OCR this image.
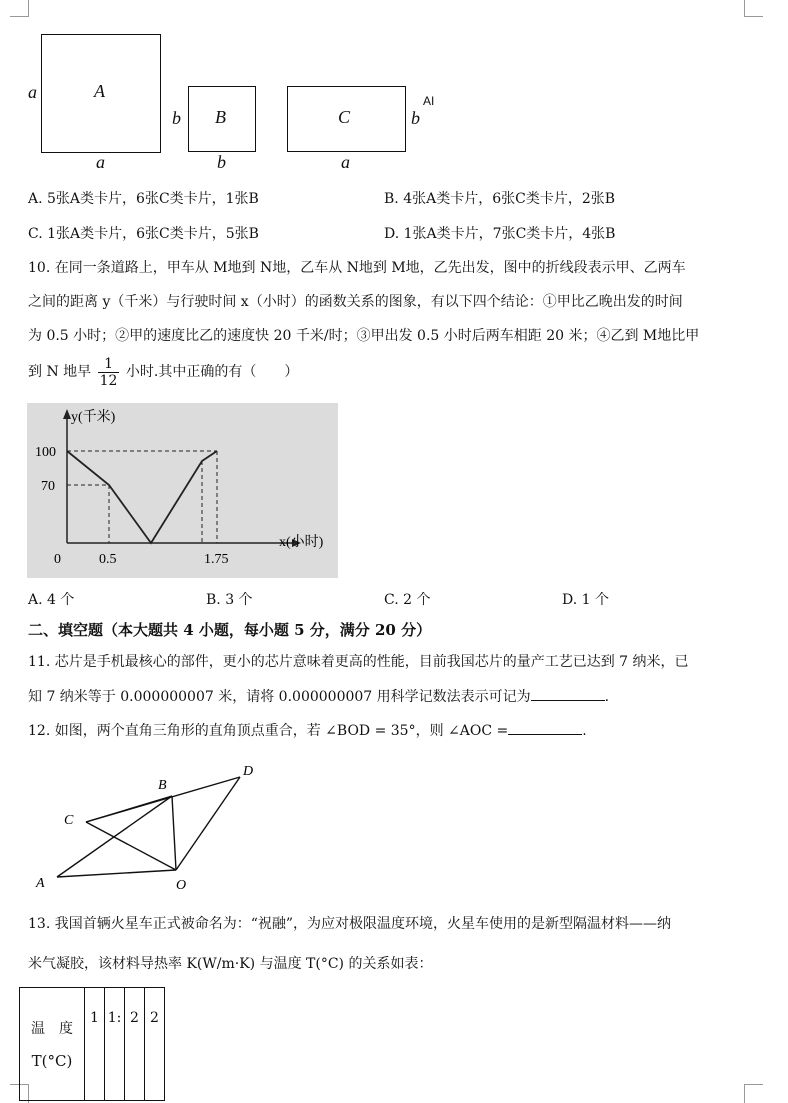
A
a
a
B
b
b
C	b
a
AI
A. 5张A类卡片，6张C类卡片，1张B	B. 4张A类卡片，6张C类卡片，2张B
C. 1张A类卡片，6张C类卡片，5张B	D. 1张A类卡片，7张C类卡片，4张B
10. 在同一条道路上，甲车从 M地到 N地，乙车从 N地到 M地，乙先出发，图中的折线段表示甲、乙两车
之间的距离 y（千米）与行驶时间 x（小时）的函数关系的图象，有以下四个结论：①甲比乙晚出发的时间
为 0.5 小时；②甲的速度比乙的速度快 20 千米/时；③甲出发 0.5 小时后两车相距 20 米；④乙到 M地比甲
到 N 地早 $\frac{1}{12}$ 小时.其中正确的有（　　）
y(千米)
x(小时)
0
100
70
0.5	1.75
A. 4 个	B. 3 个	C. 2 个	D. 1 个
二、填空题（本大题共 4 小题，每小题 5 分，满分 20 分）
11. 芯片是手机最核心的部件，更小的芯片意味着更高的性能，目前我国芯片的量产工艺已达到 7 纳米，已
知 7 纳米等于 0.000000007 米，请将 0.000000007 用科学记数法表示可记为	.
12. 如图，两个直角三角形的直角顶点重合，若 ∠BOD = 35°，则 ∠AOC =	.
A
B
C
D
O
13. 我国首辆火星车正式被命名为：“祝融”，为应对极限温度环境，火星车使用的是新型隔温材料——纳
米气凝胶，该材料导热率 K(W/m·K) 与温度 T(°C) 的关系如表：
温　度
T(°C)
	1	1:	2	2
